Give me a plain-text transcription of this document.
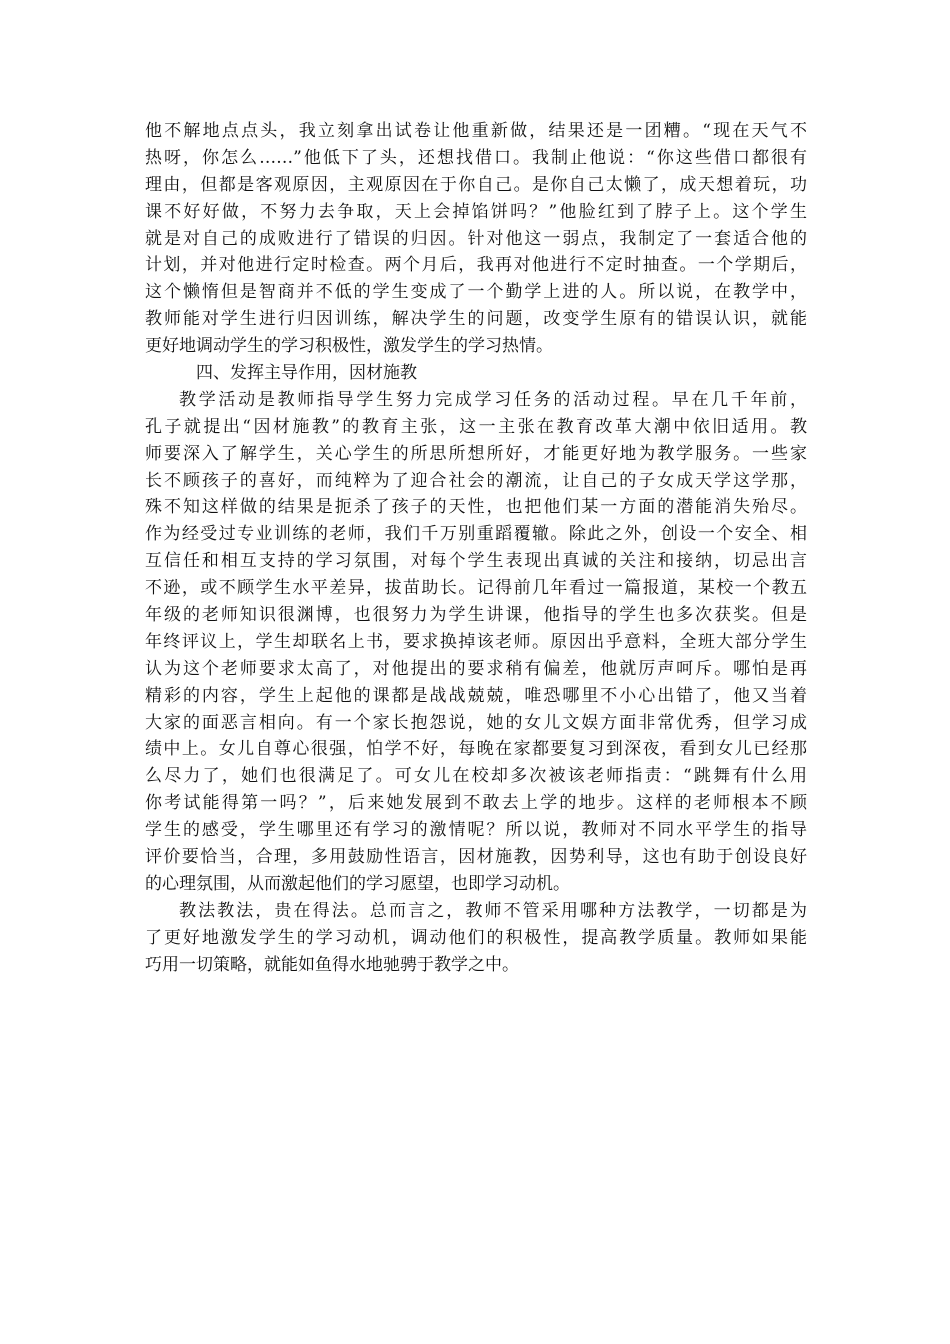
他不解地点点头，我立刻拿出试卷让他重新做，结果还是一团糟。“现在天气不
热呀，你怎么……”他低下了头，还想找借口。我制止他说：“你这些借口都很有
理由，但都是客观原因，主观原因在于你自己。是你自己太懒了，成天想着玩，功
课不好好做，不努力去争取，天上会掉馅饼吗？”他脸红到了脖子上。这个学生
就是对自己的成败进行了错误的归因。针对他这一弱点，我制定了一套适合他的
计划，并对他进行定时检查。两个月后，我再对他进行不定时抽查。一个学期后，
这个懒惰但是智商并不低的学生变成了一个勤学上进的人。所以说，在教学中，
教师能对学生进行归因训练，解决学生的问题，改变学生原有的错误认识，就能
更好地调动学生的学习积极性，激发学生的学习热情。
四、发挥主导作用，因材施教
教学活动是教师指导学生努力完成学习任务的活动过程。早在几千年前，
孔子就提出“因材施教”的教育主张，这一主张在教育改革大潮中依旧适用。教
师要深入了解学生，关心学生的所思所想所好，才能更好地为教学服务。一些家
长不顾孩子的喜好，而纯粹为了迎合社会的潮流，让自己的子女成天学这学那，
殊不知这样做的结果是扼杀了孩子的天性，也把他们某一方面的潜能消失殆尽。
作为经受过专业训练的老师，我们千万别重蹈覆辙。除此之外，创设一个安全、相
互信任和相互支持的学习氛围，对每个学生表现出真诚的关注和接纳，切忌出言
不逊，或不顾学生水平差异，拔苗助长。记得前几年看过一篇报道，某校一个教五
年级的老师知识很渊博，也很努力为学生讲课，他指导的学生也多次获奖。但是
年终评议上，学生却联名上书，要求换掉该老师。原因出乎意料，全班大部分学生
认为这个老师要求太高了，对他提出的要求稍有偏差，他就厉声呵斥。哪怕是再
精彩的内容，学生上起他的课都是战战兢兢，唯恐哪里不小心出错了，他又当着
大家的面恶言相向。有一个家长抱怨说，她的女儿文娱方面非常优秀，但学习成
绩中上。女儿自尊心很强，怕学不好，每晚在家都要复习到深夜，看到女儿已经那
么尽力了，她们也很满足了。可女儿在校却多次被该老师指责：“跳舞有什么用
你考试能得第一吗？”，后来她发展到不敢去上学的地步。这样的老师根本不顾
学生的感受，学生哪里还有学习的激情呢？所以说，教师对不同水平学生的指导
评价要恰当，合理，多用鼓励性语言，因材施教，因势利导，这也有助于创设良好
的心理氛围，从而激起他们的学习愿望，也即学习动机。
教法教法，贵在得法。总而言之，教师不管采用哪种方法教学，一切都是为
了更好地激发学生的学习动机，调动他们的积极性，提高教学质量。教师如果能
巧用一切策略，就能如鱼得水地驰骋于教学之中。
